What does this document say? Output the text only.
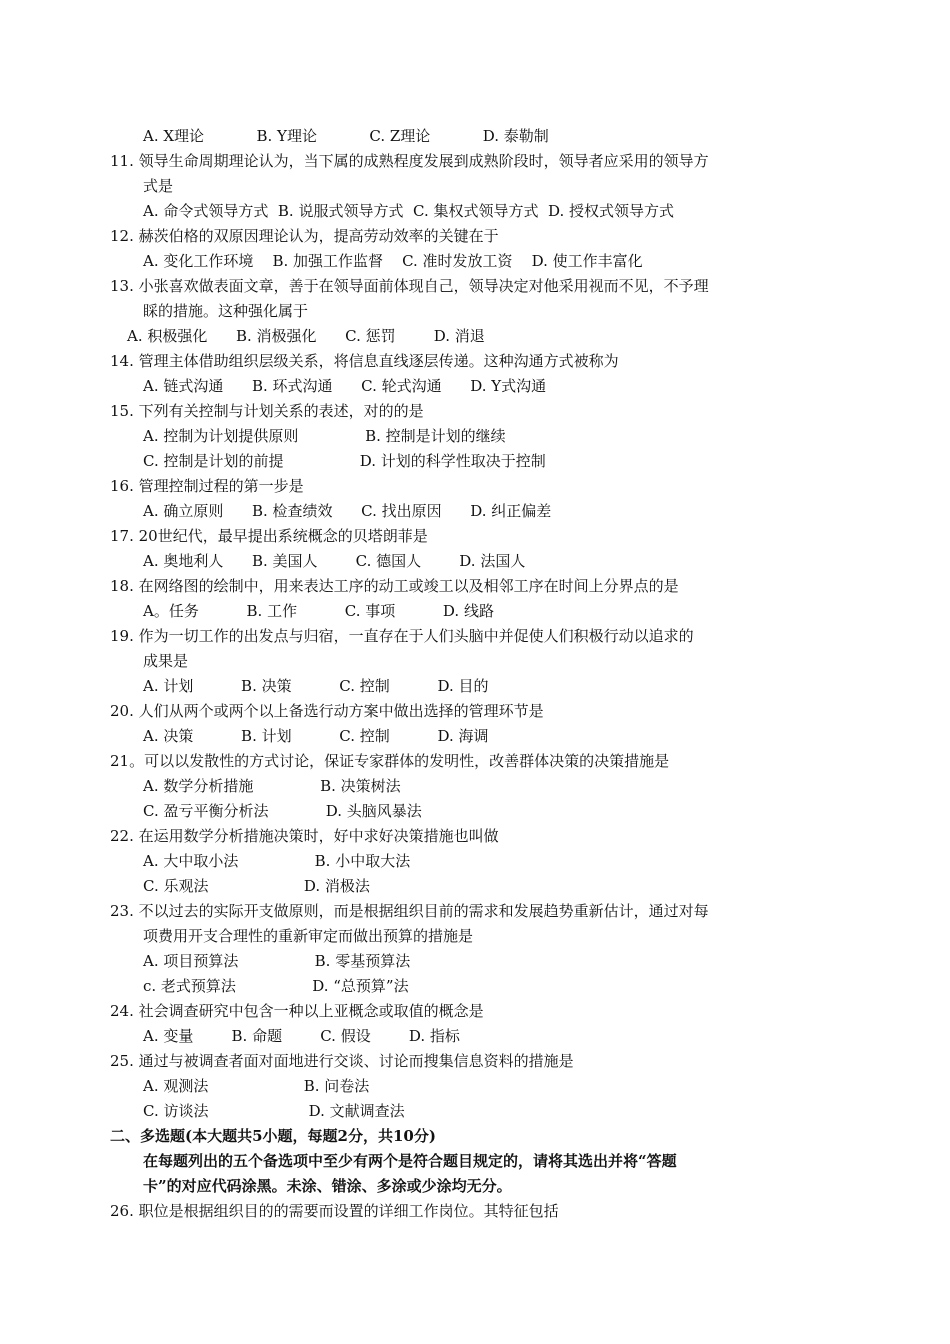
A. X理论           B. Y理论           C. Z理论           D. 泰勒制
11. 领导生命周期理论认为，当下属的成熟程度发展到成熟阶段时，领导者应采用的领导方
式是
A. 命令式领导方式  B. 说服式领导方式  C. 集权式领导方式  D. 授权式领导方式
12. 赫茨伯格的双原因理论认为，提高劳动效率的关键在于
A. 变化工作环境    B. 加强工作监督    C. 准时发放工资    D. 使工作丰富化
13. 小张喜欢做表面文章，善于在领导面前体现自己，领导决定对他采用视而不见，不予理
睬的措施。这种强化属于
A. 积极强化      B. 消极强化      C. 惩罚        D. 消退
14. 管理主体借助组织层级关系，将信息直线逐层传递。这种沟通方式被称为
A. 链式沟通      B. 环式沟通      C. 轮式沟通      D. Y式沟通
15. 下列有关控制与计划关系的表述，对的的是
A. 控制为计划提供原则              B. 控制是计划的继续
C. 控制是计划的前提                D. 计划的科学性取决于控制
16. 管理控制过程的第一步是
A. 确立原则      B. 检查绩效      C. 找出原因      D. 纠正偏差
17. 20世纪代，最早提出系统概念的贝塔朗菲是
A. 奥地利人      B. 美国人        C. 德国人        D. 法国人
18. 在网络图的绘制中，用来表达工序的动工或竣工以及相邻工序在时间上分界点的是
A。任务          B. 工作          C. 事项          D. 线路
19. 作为一切工作的出发点与归宿，一直存在于人们头脑中并促使人们积极行动以追求的
成果是
A. 计划          B. 决策          C. 控制          D. 目的
20. 人们从两个或两个以上备选行动方案中做出选择的管理环节是
A. 决策          B. 计划          C. 控制          D. 海调
21。可以以发散性的方式讨论，保证专家群体的发明性，改善群体决策的决策措施是
A. 数学分析措施              B. 决策树法
C. 盈亏平衡分析法            D. 头脑风暴法
22. 在运用数学分析措施决策时，好中求好决策措施也叫做
A. 大中取小法                B. 小中取大法
C. 乐观法                    D. 消极法
23. 不以过去的实际开支做原则，而是根据组织目前的需求和发展趋势重新估计，通过对每
项费用开支合理性的重新审定而做出预算的措施是
A. 项目预算法                B. 零基预算法
c. 老式预算法                D. “总预算”法
24. 社会调查研究中包含一种以上亚概念或取值的概念是
A. 变量        B. 命题        C. 假设        D. 指标
25. 通过与被调查者面对面地进行交谈、讨论而搜集信息资料的措施是
A. 观测法                    B. 问卷法
C. 访谈法                     D. 文献调查法
二、多选题(本大题共5小题，每题2分，共10分)
在每题列出的五个备选项中至少有两个是符合题目规定的，请将其选出并将“答题
卡”的对应代码涂黑。未涂、错涂、多涂或少涂均无分。
26. 职位是根据组织目的的需要而设置的详细工作岗位。其特征包括
